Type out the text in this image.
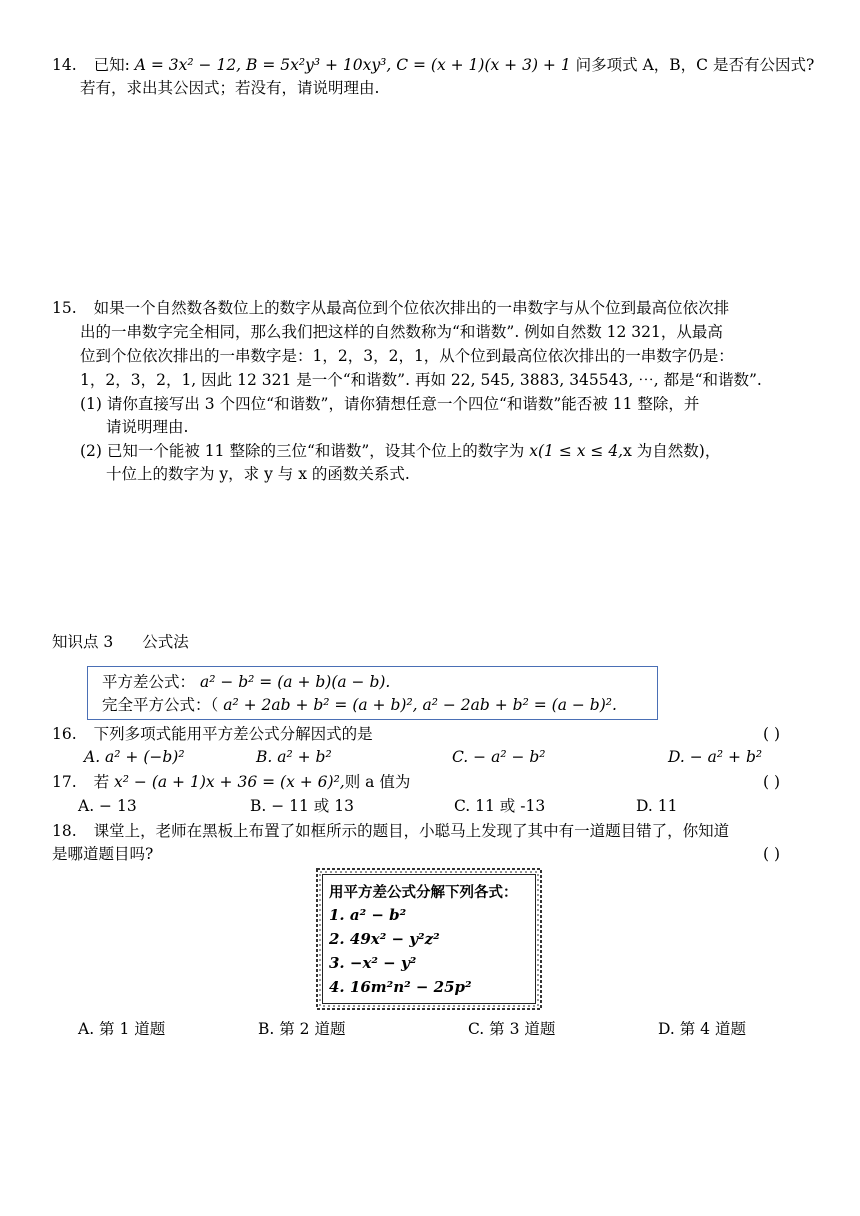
14. 已知: A = 3x² − 12, B = 5x²y³ + 10xy³, C = (x + 1)(x + 3) + 1 问多项式 A，B，C 是否有公因式?
若有，求出其公因式；若没有，请说明理由.
15. 如果一个自然数各数位上的数字从最高位到个位依次排出的一串数字与从个位到最高位依次排
出的一串数字完全相同，那么我们把这样的自然数称为“和谐数”. 例如自然数 12 321，从最高
位到个位依次排出的一串数字是：1，2，3，2，1，从个位到最高位依次排出的一串数字仍是：
1，2，3，2，1, 因此 12 321 是一个“和谐数”. 再如 22, 545, 3883, 345543, ⋯, 都是“和谐数”.
(1) 请你直接写出 3 个四位“和谐数”，请你猜想任意一个四位“和谐数”能否被 11 整除，并
请说明理由.
(2) 已知一个能被 11 整除的三位“和谐数”，设其个位上的数字为 x(1 ≤ x ≤ 4,x 为自然数)，
十位上的数字为 y，求 y 与 x 的函数关系式.
知识点 3 公式法
平方差公式： a² − b² = (a + b)(a − b).
完全平方公式：（ a² + 2ab + b² = (a + b)², a² − 2ab + b² = (a − b)².
16. 下列多项式能用平方差公式分解因式的是	( )
A. a² + (−b)²	B. a² + b²	C. − a² − b²	D. − a² + b²
17. 若 x² − (a + 1)x + 36 = (x + 6)²,则 a 值为	( )
A. − 13	B. − 11 或 13	C. 11 或 -13	D. 11
18. 课堂上，老师在黑板上布置了如框所示的题目，小聪马上发现了其中有一道题目错了，你知道
是哪道题目吗?	( )
用平方差公式分解下列各式：
1. a² − b²
2. 49x² − y²z²
3. −x² − y²
4. 16m²n² − 25p²
A. 第 1 道题	B. 第 2 道题	C. 第 3 道题	D. 第 4 道题
